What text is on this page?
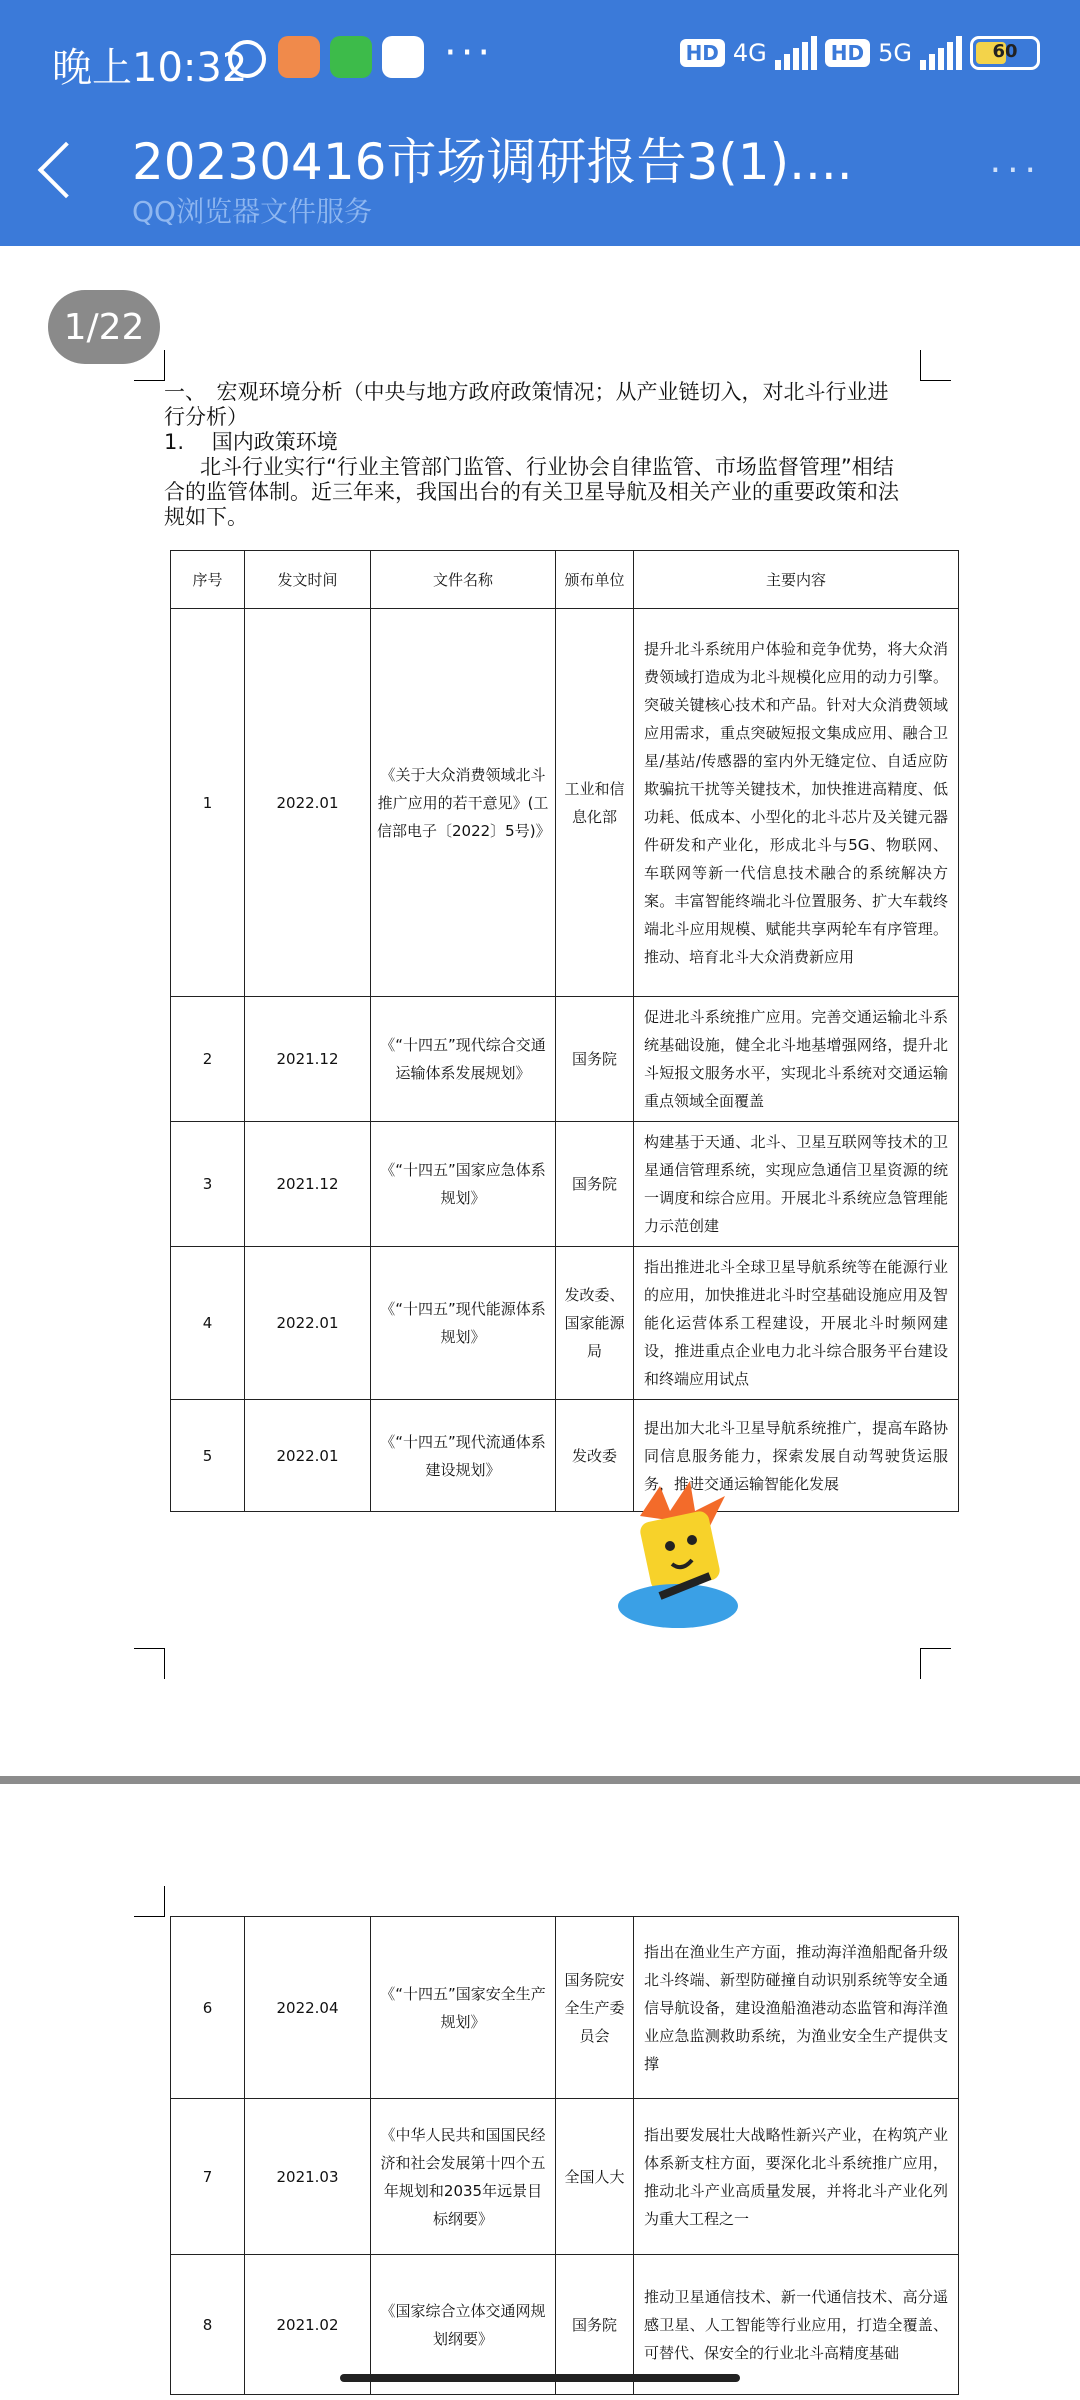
晚上10:32	···	HD 4G	HD 5G	60
20230416市场调研报告3(1)....
QQ浏览器文件服务
···
一、　宏观环境分析（中央与地方政府政策情况；从产业链切入，对北斗行业进
行分析）
1.　 国内政策环境
北斗行业实行“行业主管部门监管、行业协会自律监管、市场监督管理”相结
合的监管体制。近三年来，我国出台的有关卫星导航及相关产业的重要政策和法
规如下。
序号	发文时间	文件名称	颁布单位	主要内容
1	2022.01	《关于大众消费领域北斗推广应用的若干意见》(工信部电子〔2022〕5号)》	工业和信息化部	提升北斗系统用户体验和竞争优势，将大众消费领域打造成为北斗规模化应用的动力引擎。突破关键核心技术和产品。针对大众消费领域应用需求，重点突破短报文集成应用、融合卫星/基站/传感器的室内外无缝定位、自适应防欺骗抗干扰等关键技术，加快推进高精度、低功耗、低成本、小型化的北斗芯片及关键元器件研发和产业化，形成北斗与5G、物联网、车联网等新一代信息技术融合的系统解决方案。丰富智能终端北斗位置服务、扩大车载终端北斗应用规模、赋能共享两轮车有序管理。推动、培育北斗大众消费新应用
2	2021.12	《“十四五”现代综合交通运输体系发展规划》	国务院	促进北斗系统推广应用。完善交通运输北斗系统基础设施，健全北斗地基增强网络，提升北斗短报文服务水平，实现北斗系统对交通运输重点领域全面覆盖
3	2021.12	《“十四五”国家应急体系规划》	国务院	构建基于天通、北斗、卫星互联网等技术的卫星通信管理系统，实现应急通信卫星资源的统一调度和综合应用。开展北斗系统应急管理能力示范创建
4	2022.01	《“十四五”现代能源体系规划》	发改委、国家能源局	指出推进北斗全球卫星导航系统等在能源行业的应用，加快推进北斗时空基础设施应用及智能化运营体系工程建设，开展北斗时频网建设，推进重点企业电力北斗综合服务平台建设和终端应用试点
5	2022.01	《“十四五”现代流通体系建设规划》	发改委	提出加大北斗卫星导航系统推广，提高车路协同信息服务能力，探索发展自动驾驶货运服务，推进交通运输智能化发展
6	2022.04	《“十四五”国家安全生产规划》	国务院安全生产委员会	指出在渔业生产方面，推动海洋渔船配备升级北斗终端、新型防碰撞自动识别系统等安全通信导航设备，建设渔船渔港动态监管和海洋渔业应急监测救助系统，为渔业安全生产提供支撑
7	2021.03	《中华人民共和国国民经济和社会发展第十四个五年规划和2035年远景目标纲要》	全国人大	指出要发展壮大战略性新兴产业，在构筑产业体系新支柱方面，要深化北斗系统推广应用，推动北斗产业高质量发展，并将北斗产业化列为重大工程之一
8	2021.02	《国家综合立体交通网规划纲要》	国务院	推动卫星通信技术、新一代通信技术、高分遥感卫星、人工智能等行业应用，打造全覆盖、可替代、保安全的行业北斗高精度基础
1/22
